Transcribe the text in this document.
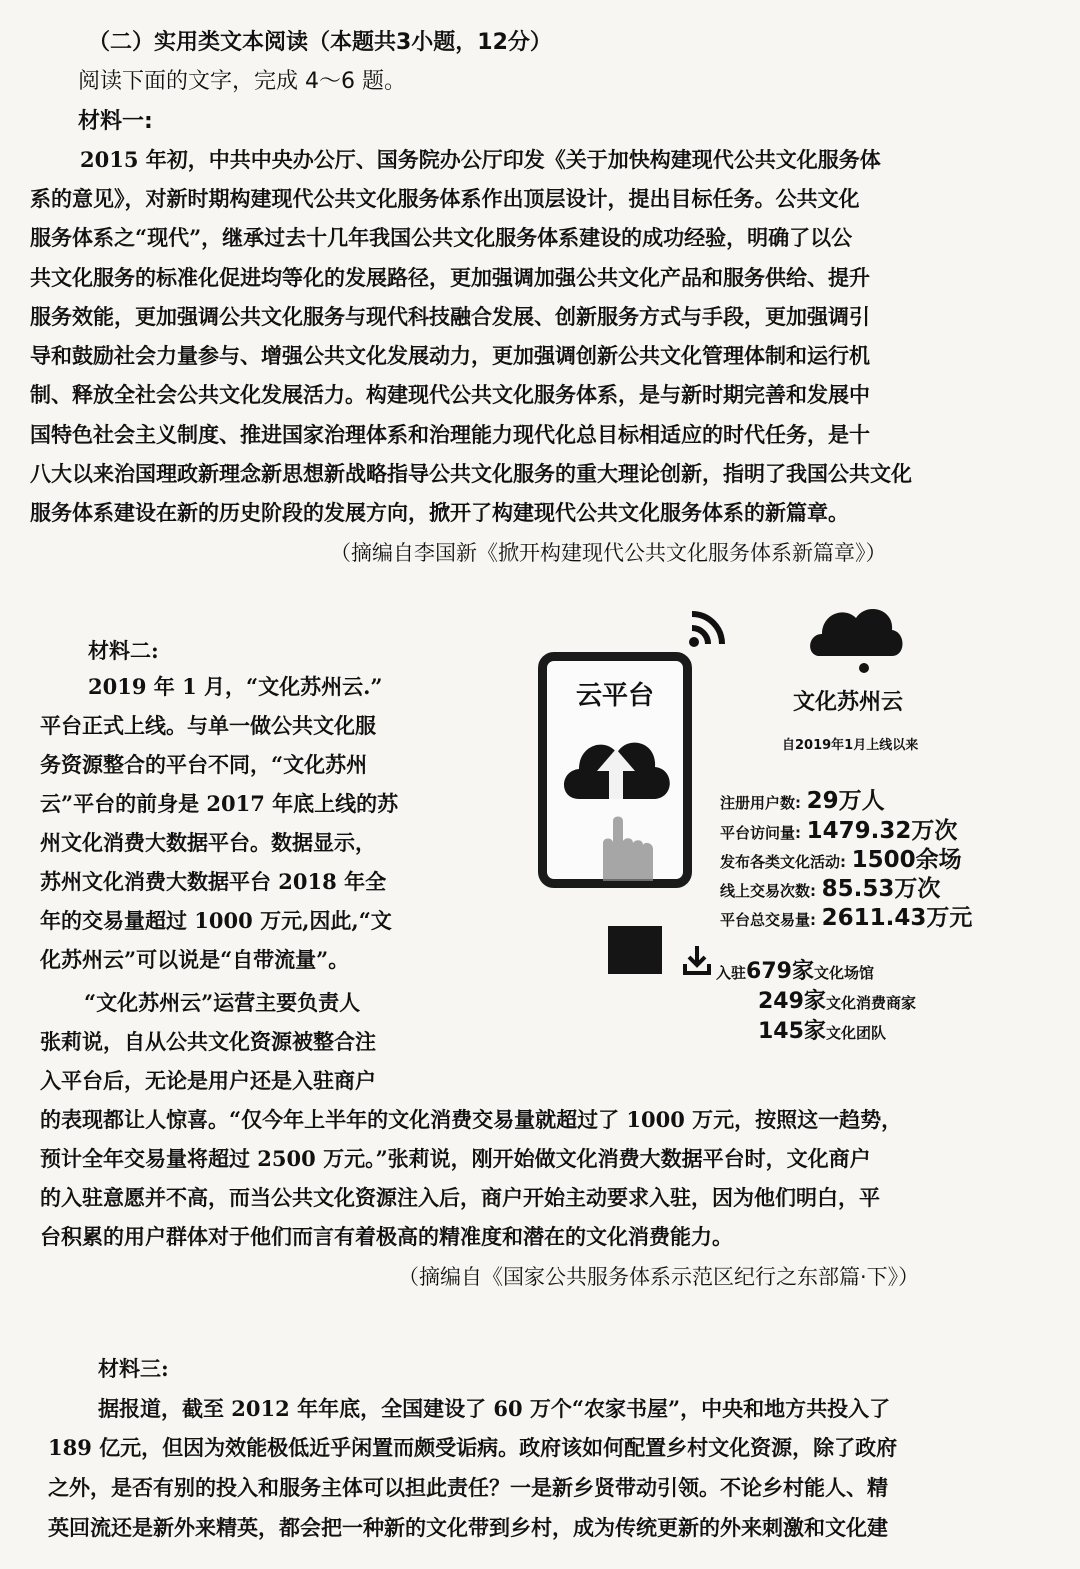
（二）实用类文本阅读（本题共3小题，12分）
阅读下面的文字，完成 4～6 题。
材料一:
2015 年初，中共中央办公厅、国务院办公厅印发《关于加快构建现代公共文化服务体
系的意见》，对新时期构建现代公共文化服务体系作出顶层设计，提出目标任务。公共文化
服务体系之“现代”，继承过去十几年我国公共文化服务体系建设的成功经验，明确了以公
共文化服务的标准化促进均等化的发展路径，更加强调加强公共文化产品和服务供给、提升
服务效能，更加强调公共文化服务与现代科技融合发展、创新服务方式与手段，更加强调引
导和鼓励社会力量参与、增强公共文化发展动力，更加强调创新公共文化管理体制和运行机
制、释放全社会公共文化发展活力。构建现代公共文化服务体系，是与新时期完善和发展中
国特色社会主义制度、推进国家治理体系和治理能力现代化总目标相适应的时代任务，是十
八大以来治国理政新理念新思想新战略指导公共文化服务的重大理论创新，指明了我国公共文化
服务体系建设在新的历史阶段的发展方向，掀开了构建现代公共文化服务体系的新篇章。
（摘编自李国新《掀开构建现代公共文化服务体系新篇章》）
材料二:
2019 年 1 月，“文化苏州云.”
平台正式上线。与单一做公共文化服
务资源整合的平台不同，“文化苏州
云”平台的前身是 2017 年底上线的苏
州文化消费大数据平台。数据显示，
苏州文化消费大数据平台 2018 年全
年的交易量超过 1000 万元,因此,“文
化苏州云”可以说是“自带流量”。
“文化苏州云”运营主要负责人
张莉说，自从公共文化资源被整合注
入平台后，无论是用户还是入驻商户
的表现都让人惊喜。“仅今年上半年的文化消费交易量就超过了 1000 万元，按照这一趋势，
预计全年交易量将超过 2500 万元。”张莉说，刚开始做文化消费大数据平台时，文化商户
的入驻意愿并不高，而当公共文化资源注入后，商户开始主动要求入驻，因为他们明白，平
台积累的用户群体对于他们而言有着极高的精准度和潜在的文化消费能力。
（摘编自《国家公共服务体系示范区纪行之东部篇·下》）
云平台	文化苏州云
自2019年1月上线以来
注册用户数: 29万人
平台访问量: 1479.32万次
发布各类文化活动: 1500余场
线上交易次数: 85.53万次
平台总交易量: 2611.43万元
入驻679家文化场馆
249家文化消费商家
145家文化团队
材料三:
据报道，截至 2012 年年底，全国建设了 60 万个“农家书屋”，中央和地方共投入了
189 亿元，但因为效能极低近乎闲置而颇受诟病。政府该如何配置乡村文化资源，除了政府
之外，是否有别的投入和服务主体可以担此责任？一是新乡贤带动引领。不论乡村能人、精
英回流还是新外来精英，都会把一种新的文化带到乡村，成为传统更新的外来刺激和文化建
